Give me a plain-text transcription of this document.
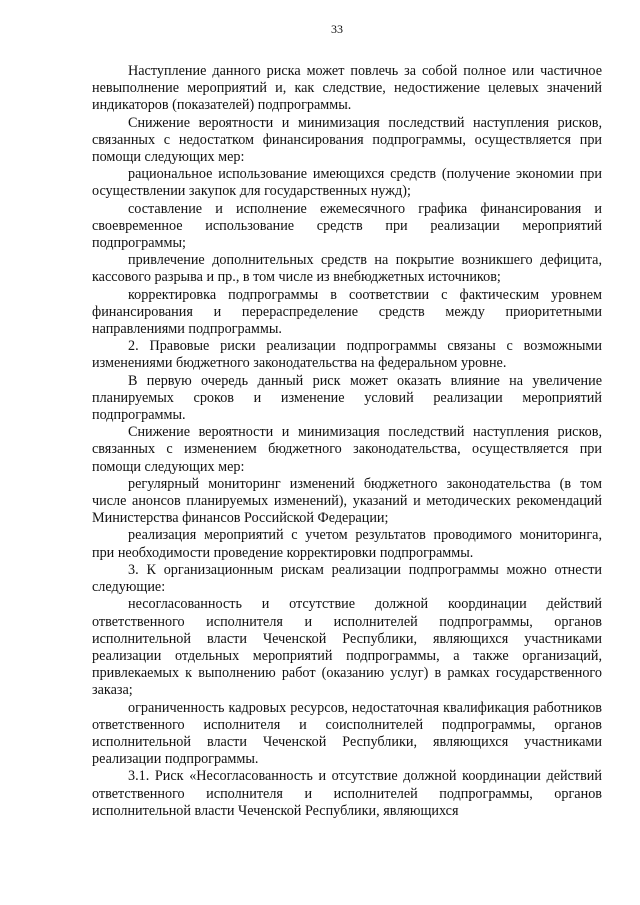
33

Наступление данного риска может повлечь за собой полное или частичное невыполнение мероприятий и, как следствие, недостижение целевых значений индикаторов (показателей) подпрограммы.

Снижение вероятности и минимизация последствий наступления рисков, связанных с недостатком финансирования подпрограммы, осуществляется при помощи следующих мер:

рациональное использование имеющихся средств (получение экономии при осуществлении закупок для государственных нужд);

составление и исполнение ежемесячного графика финансирования и своевременное использование средств при реализации мероприятий подпрограммы;

привлечение дополнительных средств на покрытие возникшего дефицита, кассового разрыва и пр., в том числе из внебюджетных источников;

корректировка подпрограммы в соответствии с фактическим уровнем финансирования и перераспределение средств между приоритетными направлениями подпрограммы.

2. Правовые риски реализации подпрограммы связаны с возможными изменениями бюджетного законодательства на федеральном уровне.

В первую очередь данный риск может оказать влияние на увеличение планируемых сроков и изменение условий реализации мероприятий подпрограммы.

Снижение вероятности и минимизация последствий наступления рисков, связанных с изменением бюджетного законодательства, осуществляется при помощи следующих мер:

регулярный мониторинг изменений бюджетного законодательства (в том числе анонсов планируемых изменений), указаний и методических рекомендаций Министерства финансов Российской Федерации;

реализация мероприятий с учетом результатов проводимого мониторинга, при необходимости проведение корректировки подпрограммы.

3. К организационным рискам реализации подпрограммы можно отнести следующие:

несогласованность и отсутствие должной координации действий ответственного исполнителя и исполнителей подпрограммы, органов исполнительной власти Чеченской Республики, являющихся участниками реализации отдельных мероприятий подпрограммы, а также организаций, привлекаемых к выполнению работ (оказанию услуг) в рамках государственного заказа;

ограниченность кадровых ресурсов, недостаточная квалификация работников ответственного исполнителя и соисполнителей подпрограммы, органов исполнительной власти Чеченской Республики, являющихся участниками реализации подпрограммы.

3.1. Риск «Несогласованность и отсутствие должной координации действий ответственного исполнителя и исполнителей подпрограммы, органов исполнительной власти Чеченской Республики, являющихся
